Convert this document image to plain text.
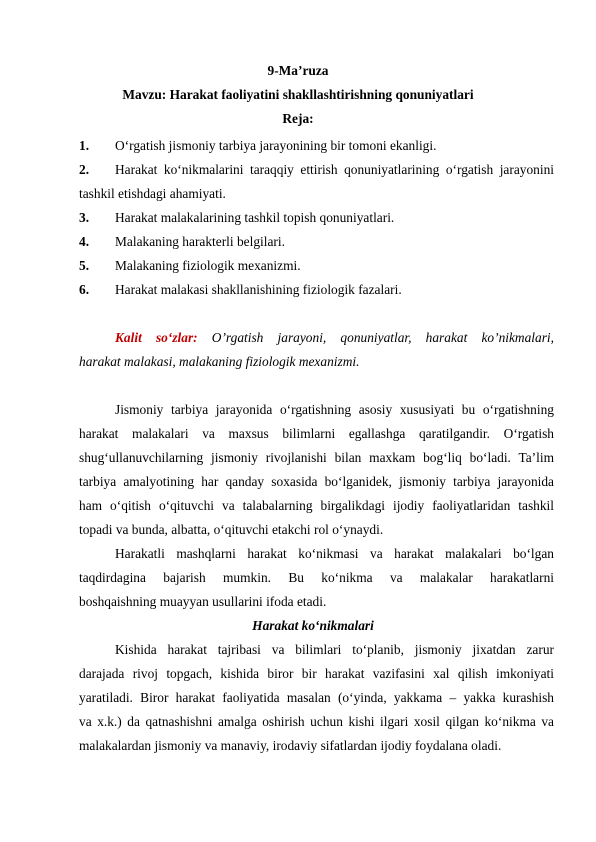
9-Ma’ruza
Mavzu: Harakat faoliyatini shakllashtirishning qonuniyatlari
Reja:
1. O‘rgatish jismoniy tarbiya jarayonining bir tomoni ekanligi.
2. Harakat ko‘nikmalarini taraqqiy ettirish qonuniyatlarining o‘rgatish jarayonini
tashkil etishdagi ahamiyati.
3. Harakat malakalarining tashkil topish qonuniyatlari.
4. Malakaning harakterli belgilari.
5. Malakaning fiziologik mexanizmi.
6. Harakat malakasi shakllanishining fiziologik fazalari.
Kalit so‘zlar: O’rgatish jarayoni, qonuniyatlar, harakat ko’nikmalari,
harakat malakasi, malakaning fiziologik mexanizmi.
Jismoniy tarbiya jarayonida o‘rgatishning asosiy xususiyati bu o‘rgatishning
harakat malakalari va maxsus bilimlarni egallashga qaratilgandir. O‘rgatish
shug‘ullanuvchilarning jismoniy rivojlanishi bilan maxkam bog‘liq bo‘ladi. Ta’lim
tarbiya amalyotining har qanday soxasida bo‘lganidek, jismoniy tarbiya jarayonida
ham o‘qitish o‘qituvchi va talabalarning birgalikdagi ijodiy faoliyatlaridan tashkil
topadi va bunda, albatta, o‘qituvchi etakchi rol o‘ynaydi.
Harakatli mashqlarni harakat ko‘nikmasi va harakat malakalari bo‘lgan
taqdirdagina bajarish mumkin. Bu ko‘nikma va malakalar harakatlarni
boshqaishning muayyan usullarini ifoda etadi.
Harakat ko‘nikmalari
Kishida harakat tajribasi va bilimlari to‘planib, jismoniy jixatdan zarur
darajada rivoj topgach, kishida biror bir harakat vazifasini xal qilish imkoniyati
yaratiladi. Biror harakat faoliyatida masalan (o‘yinda, yakkama – yakka kurashish
va x.k.) da qatnashishni amalga oshirish uchun kishi ilgari xosil qilgan ko‘nikma va
malakalardan jismoniy va manaviy, irodaviy sifatlardan ijodiy foydalana oladi.
